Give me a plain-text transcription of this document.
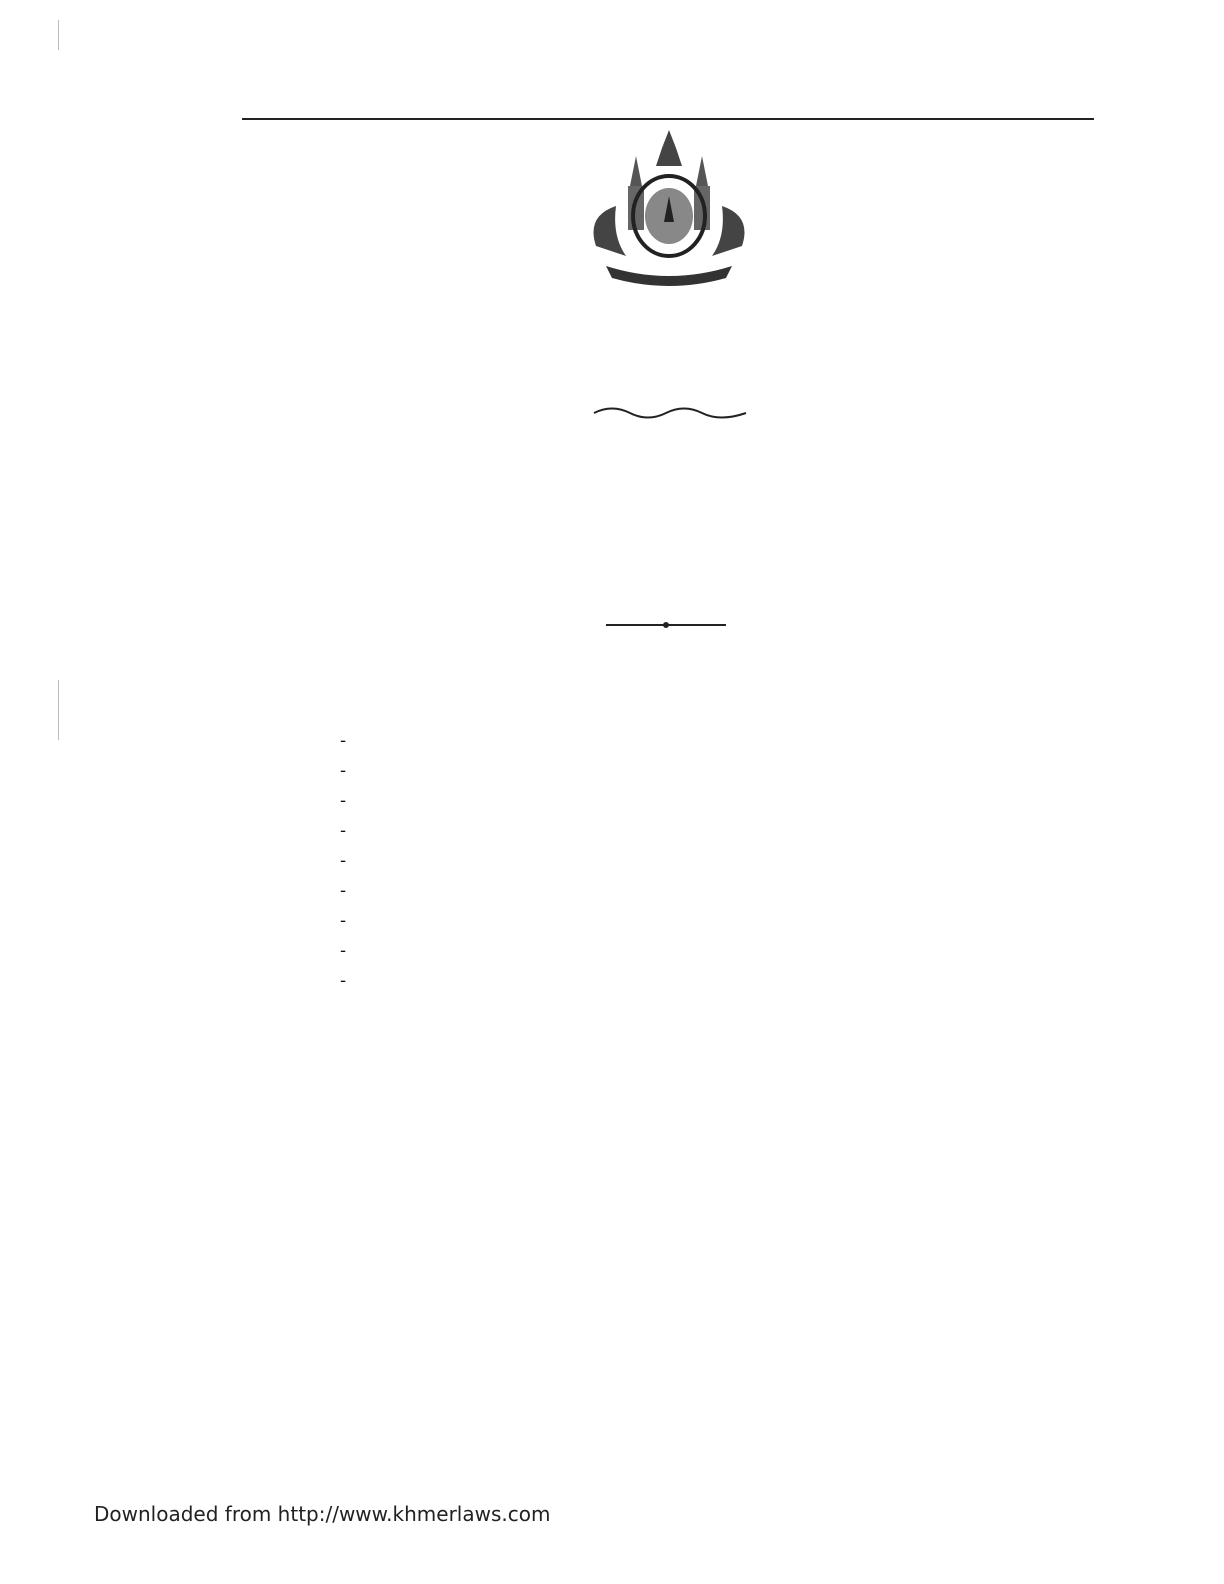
-
-
-
-
-
-
-
-
-
Downloaded from http://www.khmerlaws.com
